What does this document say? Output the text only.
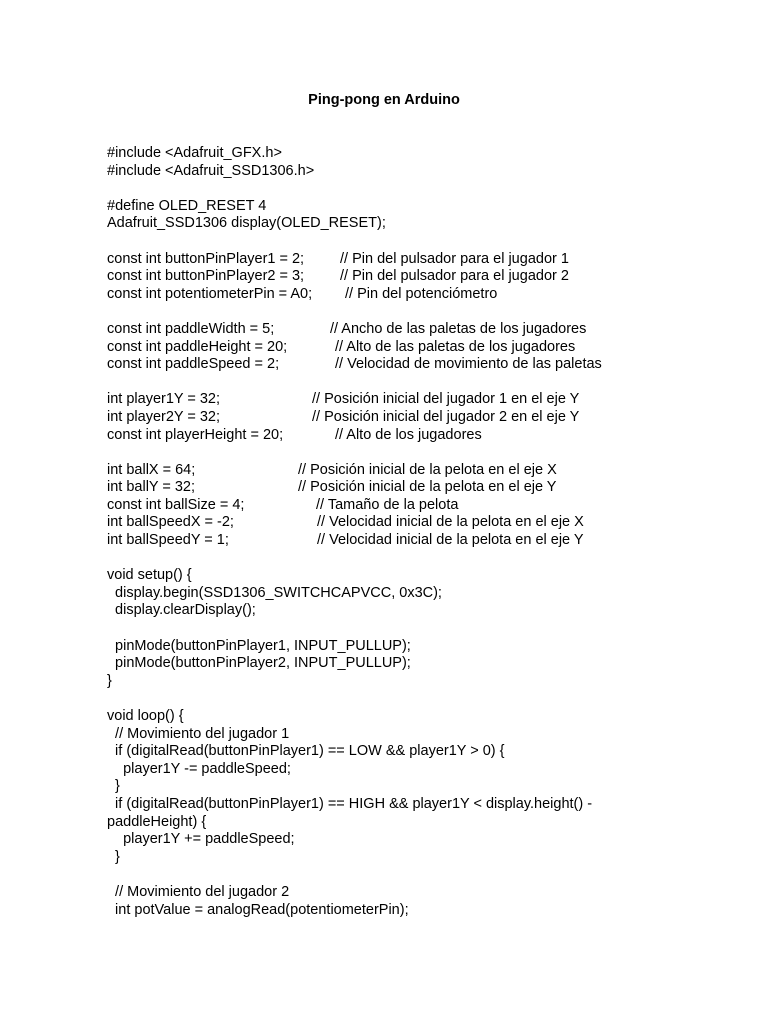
Ping-pong en Arduino
#include <Adafruit_GFX.h>
#include <Adafruit_SSD1306.h>
#define OLED_RESET 4
Adafruit_SSD1306 display(OLED_RESET);
const int buttonPinPlayer1 = 2; // Pin del pulsador para el jugador 1
const int buttonPinPlayer2 = 3; // Pin del pulsador para el jugador 2
const int potentiometerPin = A0; // Pin del potenciómetro
const int paddleWidth = 5;	// Ancho de las paletas de los jugadores
const int paddleHeight = 20;	// Alto de las paletas de los jugadores
const int paddleSpeed = 2;	// Velocidad de movimiento de las paletas
int player1Y = 32;	// Posición inicial del jugador 1 en el eje Y
int player2Y = 32;	// Posición inicial del jugador 2 en el eje Y
const int playerHeight = 20;	// Alto de los jugadores
int ballX = 64;	// Posición inicial de la pelota en el eje X
int ballY = 32;	// Posición inicial de la pelota en el eje Y
const int ballSize = 4;	// Tamaño de la pelota
int ballSpeedX = -2;	// Velocidad inicial de la pelota en el eje X
int ballSpeedY = 1;	// Velocidad inicial de la pelota en el eje Y
void setup() {
display.begin(SSD1306_SWITCHCAPVCC, 0x3C);
display.clearDisplay();
pinMode(buttonPinPlayer1, INPUT_PULLUP);
pinMode(buttonPinPlayer2, INPUT_PULLUP);
}
void loop() {
// Movimiento del jugador 1
if (digitalRead(buttonPinPlayer1) == LOW && player1Y > 0) {
player1Y -= paddleSpeed;
}
if (digitalRead(buttonPinPlayer1) == HIGH && player1Y < display.height() -
paddleHeight) {
player1Y += paddleSpeed;
}
// Movimiento del jugador 2
int potValue = analogRead(potentiometerPin);
